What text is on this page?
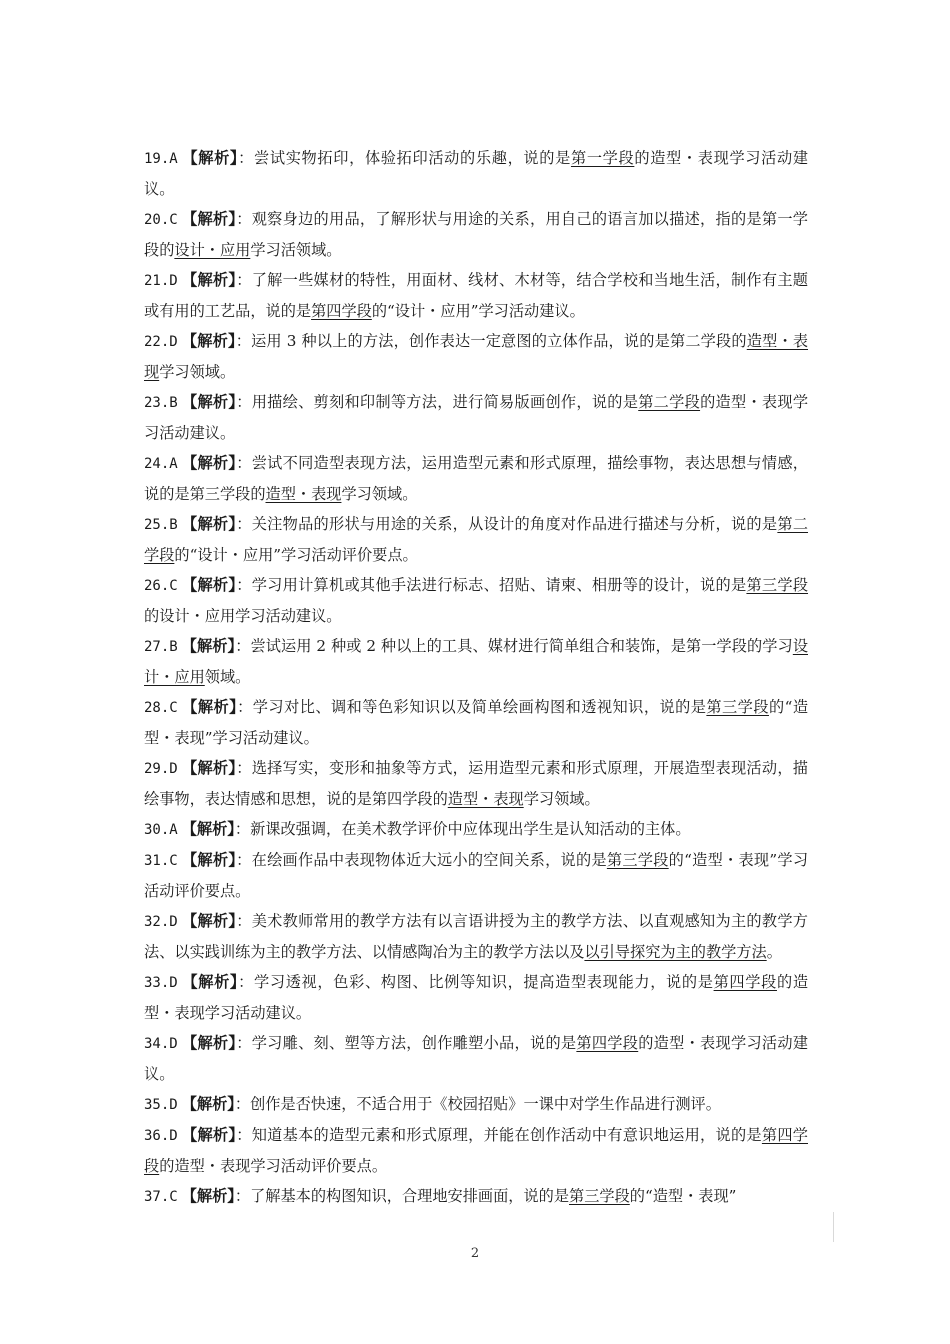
19.A 【解析】：尝试实物拓印，体验拓印活动的乐趣，说的是第一学段的造型・表现学习活动建议。

20.C 【解析】：观察身边的用品，了解形状与用途的关系，用自己的语言加以描述，指的是第一学段的设计・应用学习活领域。

21.D 【解析】：了解一些媒材的特性，用面材、线材、木材等，结合学校和当地生活，制作有主题或有用的工艺品，说的是第四学段的“设计・应用”学习活动建议。

22.D 【解析】：运用 3 种以上的方法，创作表达一定意图的立体作品，说的是第二学段的造型・表现学习领域。

23.B 【解析】：用描绘、剪刻和印制等方法，进行简易版画创作，说的是第二学段的造型・表现学习活动建议。

24.A 【解析】：尝试不同造型表现方法，运用造型元素和形式原理，描绘事物，表达思想与情感，说的是第三学段的造型・表现学习领域。

25.B 【解析】：关注物品的形状与用途的关系，从设计的角度对作品进行描述与分析，说的是第二学段的“设计・应用”学习活动评价要点。

26.C 【解析】：学习用计算机或其他手法进行标志、招贴、请柬、相册等的设计，说的是第三学段的设计・应用学习活动建议。

27.B 【解析】：尝试运用 2 种或 2 种以上的工具、媒材进行简单组合和装饰，是第一学段的学习设计・应用领域。

28.C 【解析】：学习对比、调和等色彩知识以及简单绘画构图和透视知识，说的是第三学段的“造型・表现”学习活动建议。

29.D 【解析】：选择写实，变形和抽象等方式，运用造型元素和形式原理，开展造型表现活动，描绘事物，表达情感和思想，说的是第四学段的造型・表现学习领域。

30.A 【解析】：新课改强调，在美术教学评价中应体现出学生是认知活动的主体。

31.C 【解析】：在绘画作品中表现物体近大远小的空间关系，说的是第三学段的“造型・表现”学习活动评价要点。

32.D 【解析】：美术教师常用的教学方法有以言语讲授为主的教学方法、以直观感知为主的教学方法、以实践训练为主的教学方法、以情感陶冶为主的教学方法以及以引导探究为主的教学方法。

33.D 【解析】：学习透视，色彩、构图、比例等知识，提高造型表现能力，说的是第四学段的造型・表现学习活动建议。

34.D 【解析】：学习雕、刻、塑等方法，创作雕塑小品，说的是第四学段的造型・表现学习活动建议。

35.D 【解析】：创作是否快速，不适合用于《校园招贴》一课中对学生作品进行测评。

36.D 【解析】：知道基本的造型元素和形式原理，并能在创作活动中有意识地运用，说的是第四学段的造型・表现学习活动评价要点。

37.C 【解析】：了解基本的构图知识，合理地安排画面，说的是第三学段的“造型・表现”

2
